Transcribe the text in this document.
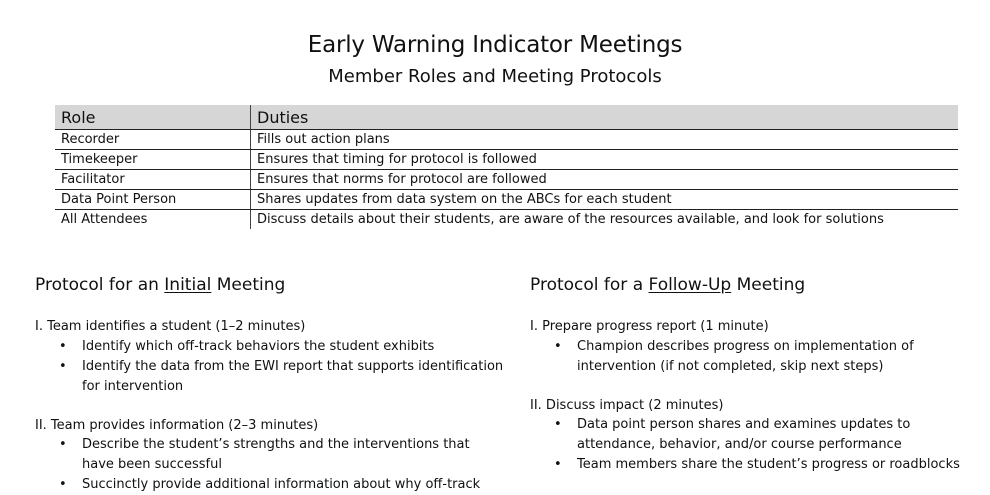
Early Warning Indicator Meetings
Member Roles and Meeting Protocols
Role	Duties
Recorder	Fills out action plans
Timekeeper	Ensures that timing for protocol is followed
Facilitator	Ensures that norms for protocol are followed
Data Point Person	Shares updates from data system on the ABCs for each student
All Attendees	Discuss details about their students, are aware of the resources available, and look for solutions
Protocol for an Initial Meeting
I. Team identifies a student (1–2 minutes)
• Identify which off-track behaviors the student exhibits
• Identify the data from the EWI report that supports identification for intervention
II. Team provides information (2–3 minutes)
• Describe the student’s strengths and the interventions that have been successful
• Succinctly provide additional information about why off-track
Protocol for a Follow-Up Meeting
I. Prepare progress report (1 minute)
• Champion describes progress on implementation of intervention (if not completed, skip next steps)
II. Discuss impact (2 minutes)
• Data point person shares and examines updates to attendance, behavior, and/or course performance
• Team members share the student’s progress or roadblocks
